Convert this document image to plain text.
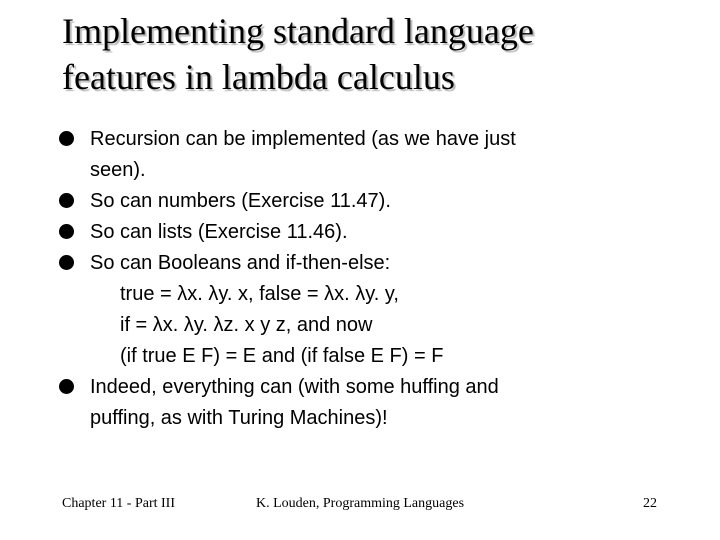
Implementing standard language
features in lambda calculus
Recursion can be implemented (as we have just
seen).
So can numbers (Exercise 11.47).
So can lists (Exercise 11.46).
So can Booleans and if-then-else:
true = λx. λy. x, false = λx. λy. y,
if = λx. λy. λz. x y z, and now
(if true E F) = E and (if false E F) = F
Indeed, everything can (with some huffing and
puffing, as with Turing Machines)!
Chapter 11 - Part III	K. Louden, Programming Languages	22
